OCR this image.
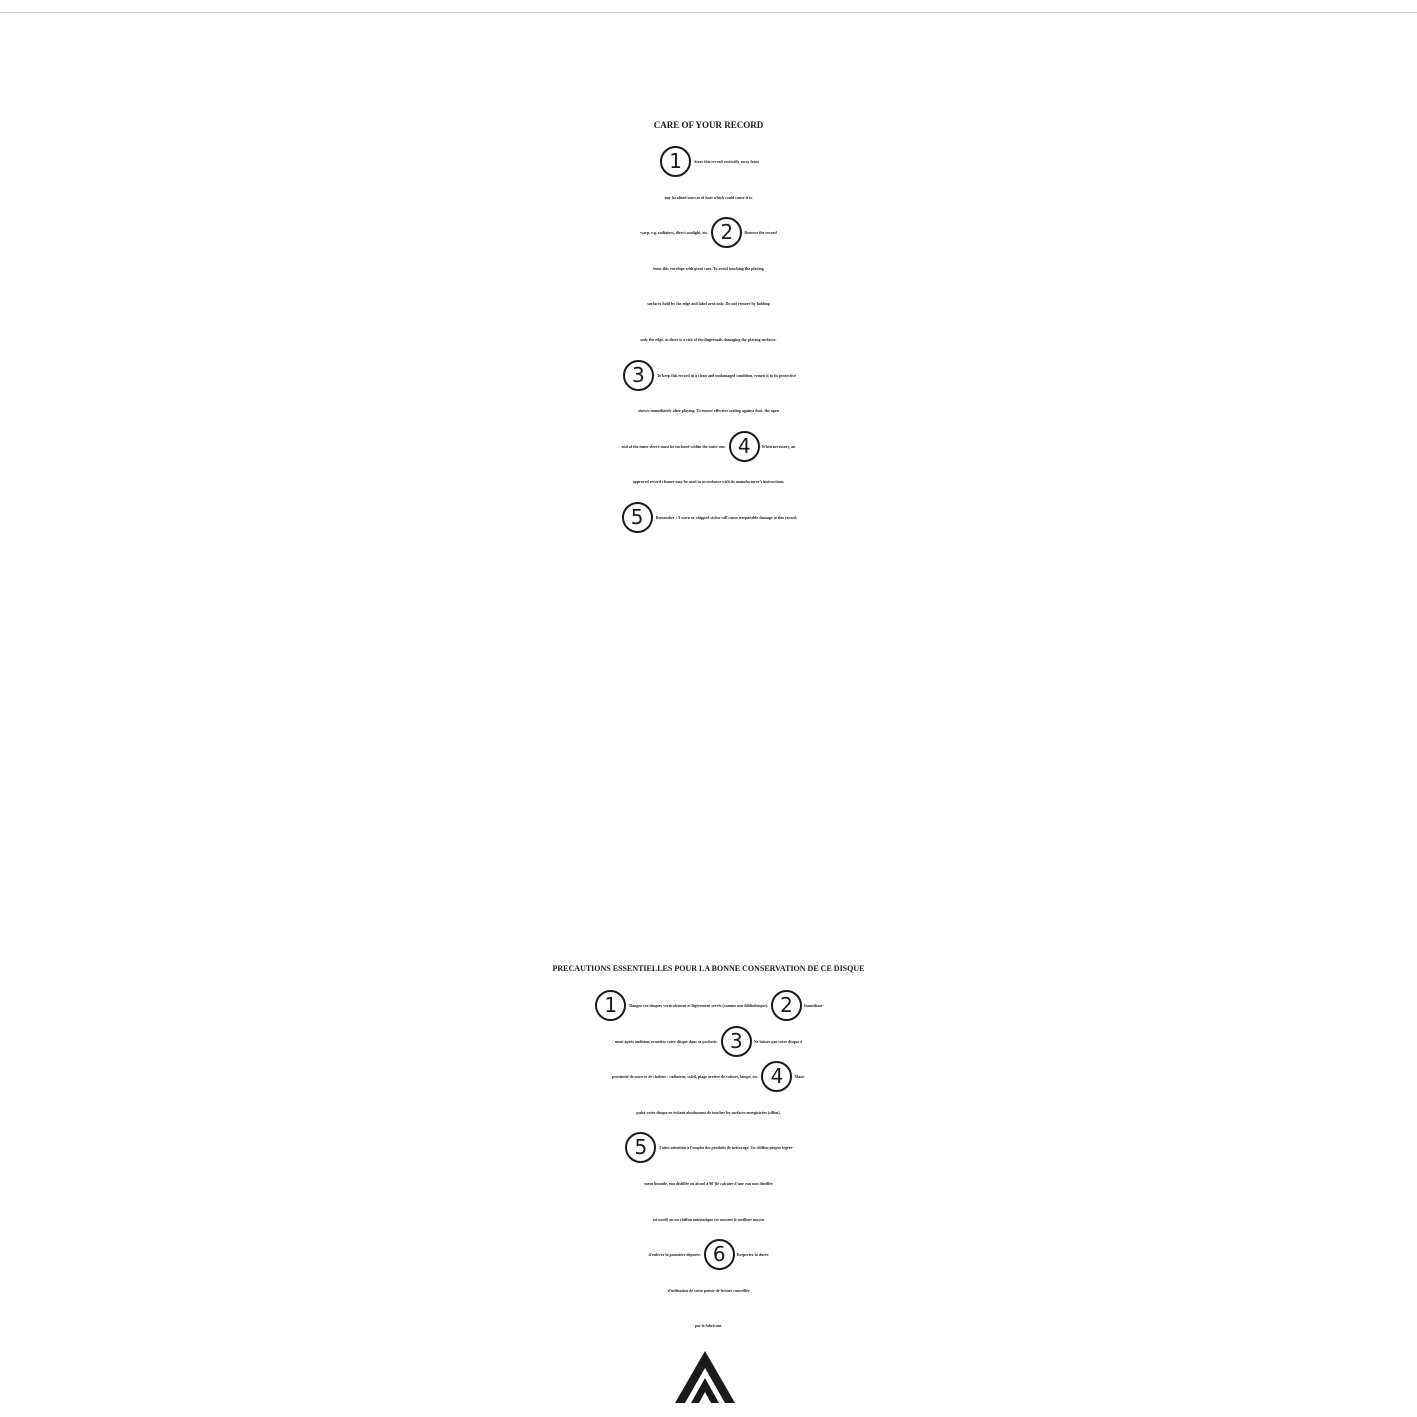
CARE OF YOUR RECORD
1	Store this record vertically away from
any localised sources of heat which could cause it to
warp, e.g. radiators, direct sunlight, etc. 2	Remove the record
from this envelope with great care. To avoid touching the playing
surfaces hold by the edge and label area only. Do not remove by holding
only the edge, as there is a risk of the fingernails damaging the playing surfaces.
3	To keep this record in a clean and undamaged condition, return it to its protective
sleeves immediately after playing. To ensure effective sealing against dust, the open
end of the inner sleeve must be enclosed within the outer one. 4	When necessary, an
approved record cleaner may be used in accordance with its manufacturer’s instructions.
5	Remember ! A worn or chipped stylus will cause irreparable damage to this record.
PRECAUTIONS ESSENTIELLES POUR LA BONNE CONSERVATION DE CE DISQUE
1	Rangez vos disques verticalement et légèrement serrés (comme une bibliothèque). 2	Immédiate-
ment après audition, remettez votre disque dans sa pochette. 3	Ne laissez pas votre disque à
proximité de sources de chaleur : radiateur, soleil, plage arrière de voiture, lampe, etc. 4	Mani-
pulez votre disque en évitant absolument de toucher les surfaces enregistrées (sillon).
5	Faites attention à l’emploi des produits de nettoyage. Un chiffon propre légère-
ment humide, eau distillée ou alcool à 90°(le calcaire d’une eau non distillée
est nocif) ou un chiffon antistatique est souvent le meilleur moyen
d’enlever la poussière déposée. 6	Respectez la durée
d’utilisation de votre pointe de lecture conseillée
par le fabricant.
